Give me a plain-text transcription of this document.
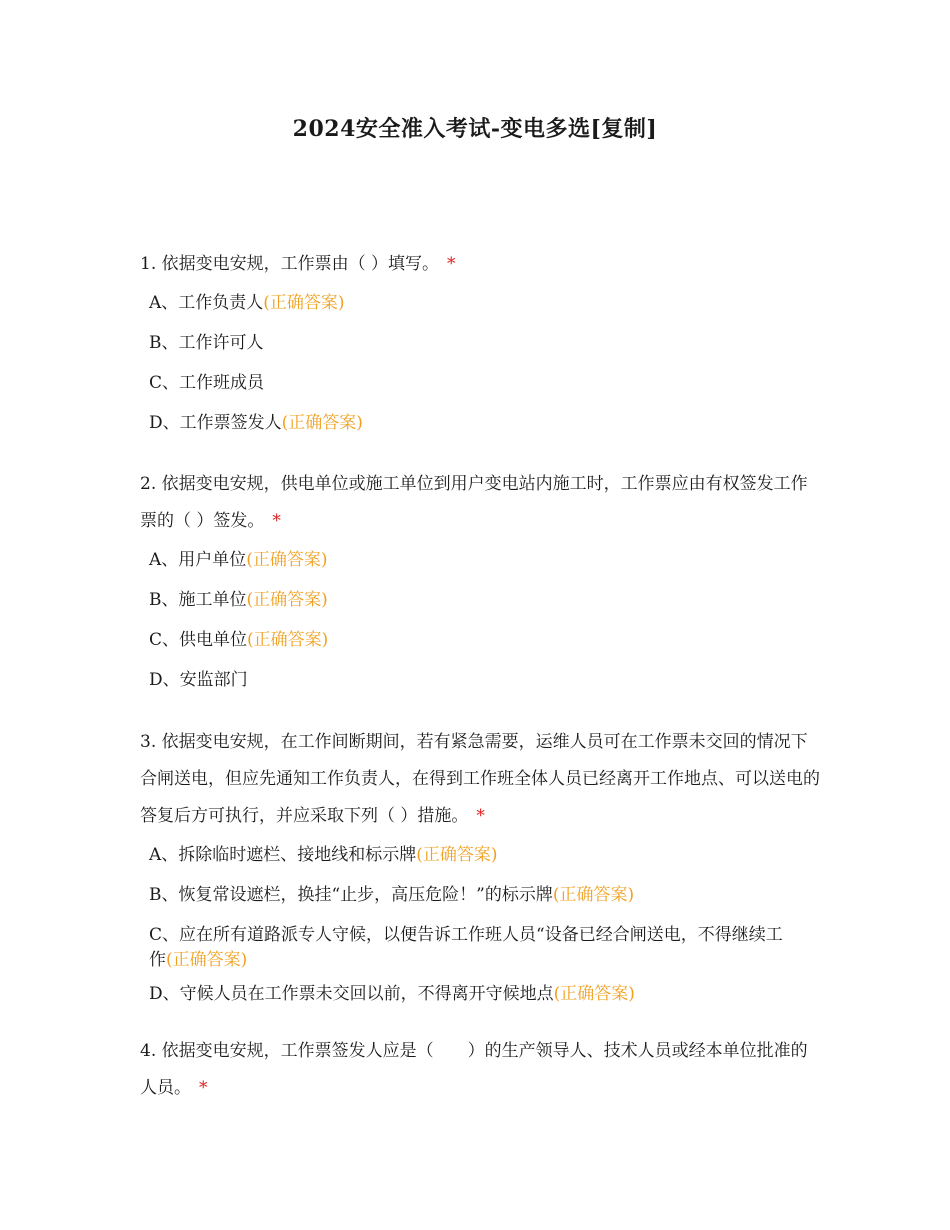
2024安全准入考试-变电多选[复制]

1. 依据变电安规，工作票由（ ）填写。 *

A、工作负责人(正确答案)
B、工作许可人
C、工作班成员
D、工作票签发人(正确答案)

2. 依据变电安规，供电单位或施工单位到用户变电站内施工时，工作票应由有权签发工作票的（ ）签发。 *

A、用户单位(正确答案)
B、施工单位(正确答案)
C、供电单位(正确答案)
D、安监部门

3. 依据变电安规，在工作间断期间，若有紧急需要，运维人员可在工作票未交回的情况下合闸送电，但应先通知工作负责人，在得到工作班全体人员已经离开工作地点、可以送电的答复后方可执行，并应采取下列（ ）措施。 *

A、拆除临时遮栏、接地线和标示牌(正确答案)
B、恢复常设遮栏，换挂“止步，高压危险！”的标示牌(正确答案)
C、应在所有道路派专人守候，以便告诉工作班人员“设备已经合闸送电，不得继续工作(正确答案)
D、守候人员在工作票未交回以前，不得离开守候地点(正确答案)

4. 依据变电安规，工作票签发人应是（　　）的生产领导人、技术人员或经本单位批准的人员。 *
